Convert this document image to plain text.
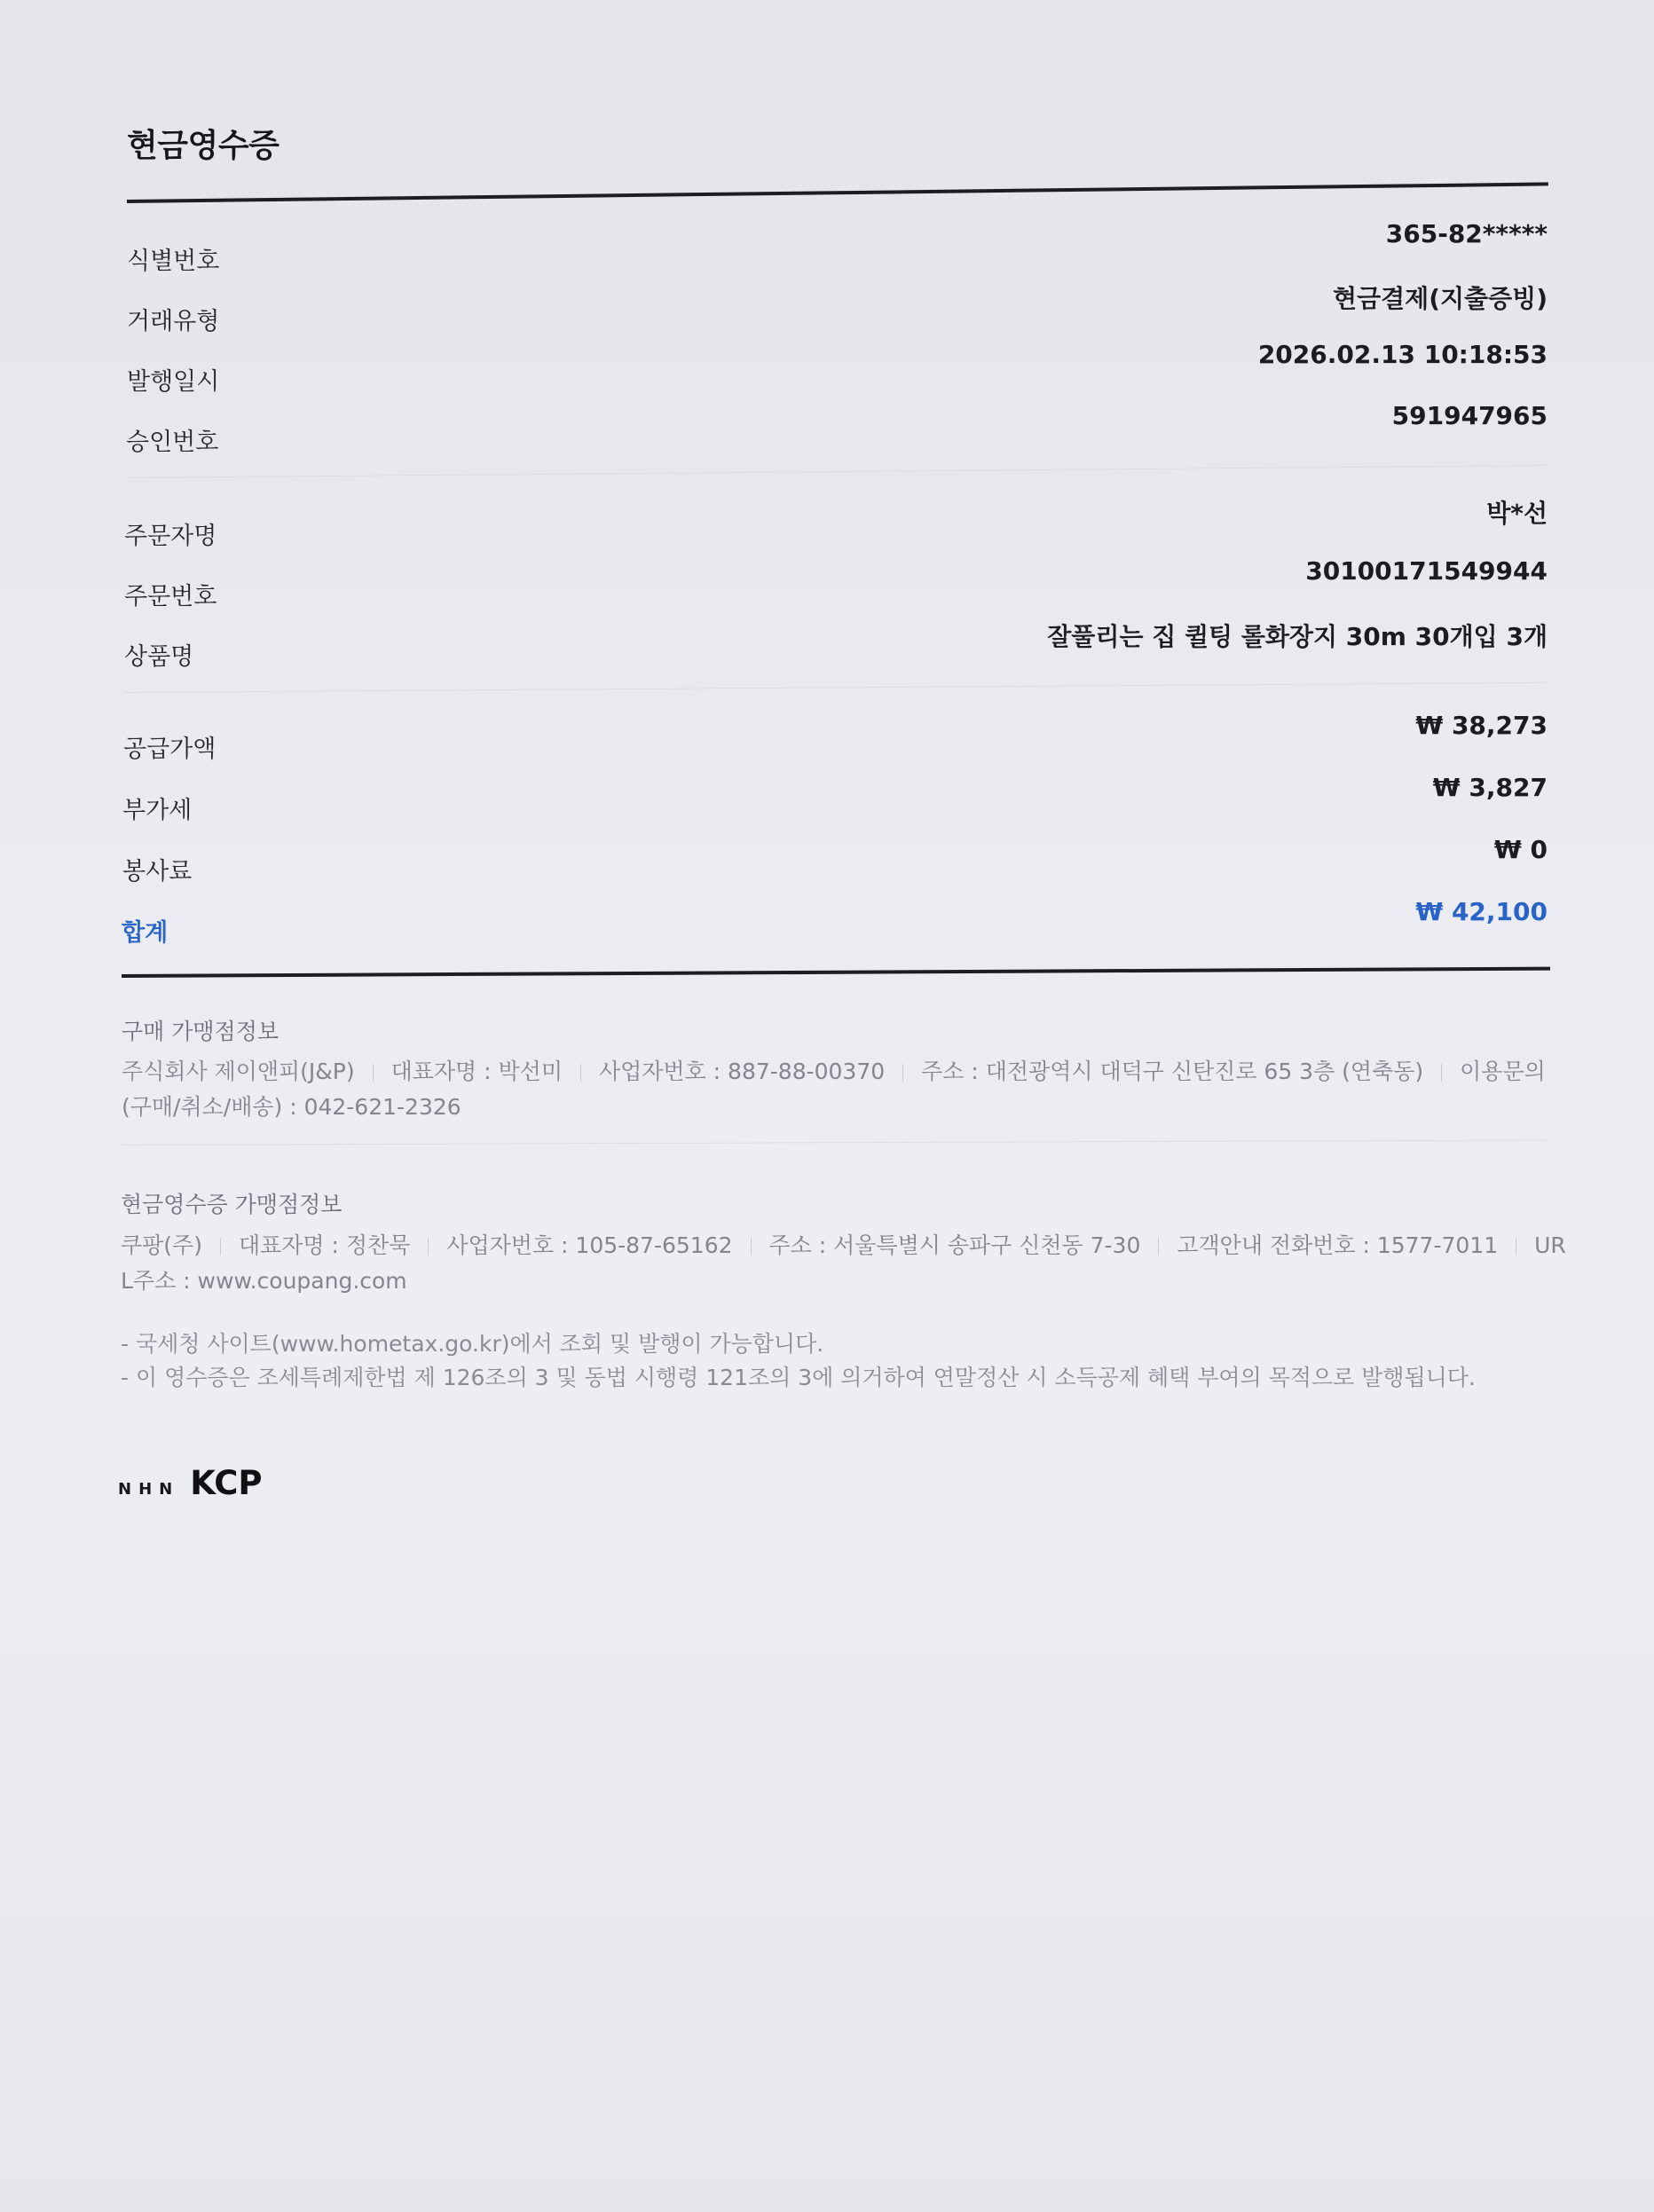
현금영수증
식별번호
365-82*****
거래유형
현금결제(지출증빙)
발행일시
2026.02.13 10:18:53
승인번호
591947965
주문자명
박*선
주문번호
30100171549944
상품명
잘풀리는 집 퀼팅 롤화장지 30m 30개입 3개
공급가액
₩ 38,273
부가세
₩ 3,827
봉사료
₩ 0
합계
₩ 42,100
구매 가맹점정보
주식회사 제이앤피(J&P) 대표자명 : 박선미 사업자번호 : 887-88-00370 주소 : 대전광역시 대덕구 신탄진로 65 3층 (연축동) 이용문의
(구매/취소/배송) : 042-621-2326
현금영수증 가맹점정보
쿠팡(주) 대표자명 : 정찬묵 사업자번호 : 105-87-65162 주소 : 서울특별시 송파구 신천동 7-30 고객안내 전화번호 : 1577-7011 UR
L주소 : www.coupang.com
- 국세청 사이트(www.hometax.go.kr)에서 조회 및 발행이 가능합니다.
- 이 영수증은 조세특례제한법 제 126조의 3 및 동법 시행령 121조의 3에 의거하여 연말정산 시 소득공제 혜택 부여의 목적으로 발행됩니다.
NHN KCP
